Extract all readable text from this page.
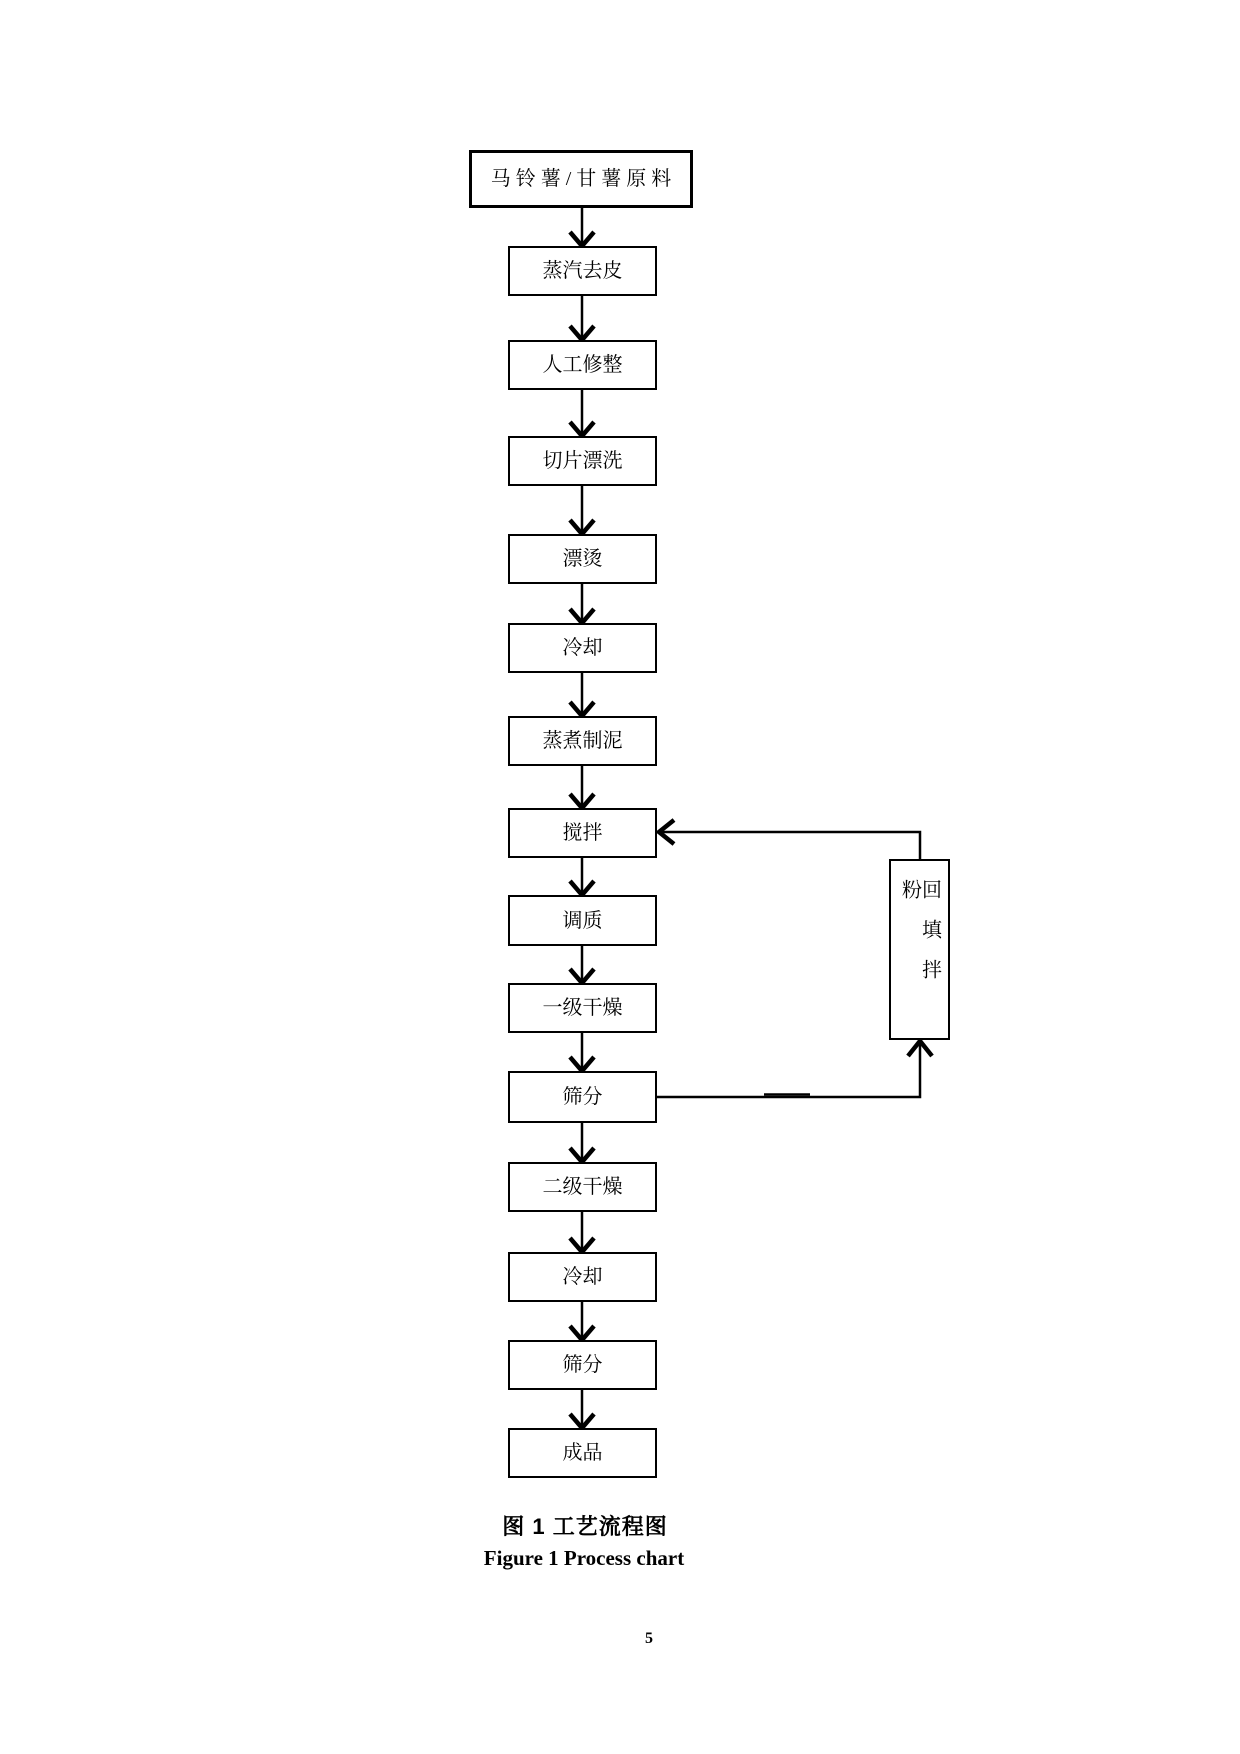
马铃薯/甘薯原料
蒸汽去皮
人工修整
切片漂洗
漂烫
冷却
蒸煮制泥
搅拌
调质
一级干燥
筛分
二级干燥
冷却
筛分
成品
回填拌粉
图 1 工艺流程图
Figure 1 Process chart
5
